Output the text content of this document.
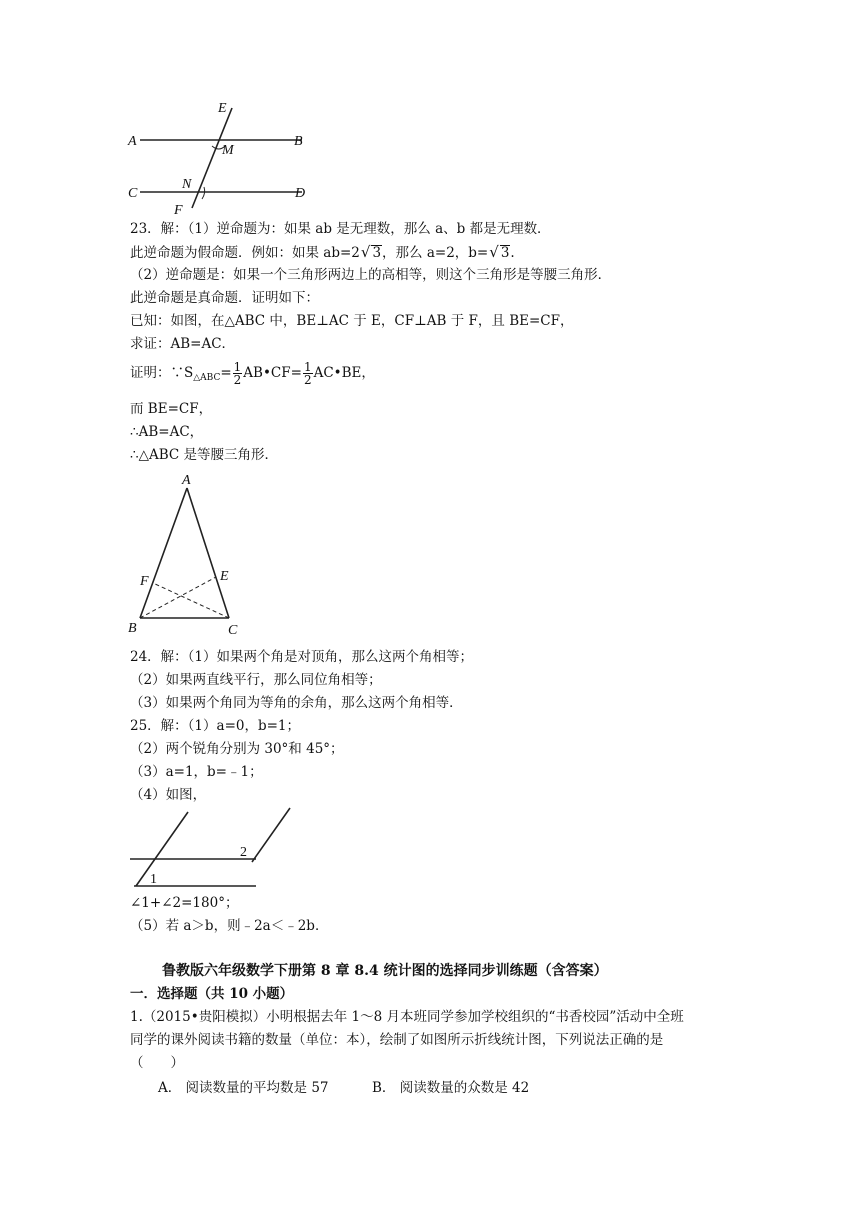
E
A
M
B
C
N
D
F
23．解：（1）逆命题为：如果 ab 是无理数，那么 a、b 都是无理数．
此逆命题为假命题．例如：如果 ab=2√ 3，那么 a=2，b=√ 3.
（2）逆命题是：如果一个三角形两边上的高相等，则这个三角形是等腰三角形．
此逆命题是真命题．证明如下：
已知：如图，在△ABC 中，BE⊥AC 于 E，CF⊥AB 于 F，且 BE=CF，
求证：AB=AC．
证明：$\because S_{\triangle ABC}= \frac{1}{2}$ AB•CF= $\frac{1}{2}$ AC•BE，
而 BE=CF，
∴AB=AC，
∴△ABC 是等腰三角形．
A
F	E
B	C
24．解：（1）如果两个角是对顶角，那么这两个角相等；
（2）如果两直线平行，那么同位角相等；
（3）如果两个角同为等角的余角，那么这两个角相等．
25．解：（1）a=0，b=1；
（2）两个锐角分别为 30°和 45°；
（3）a=1，b=﹣1；
（4）如图，
1
2
∠1+∠2=180°；
（5）若 a＞b，则﹣2a＜﹣2b．
鲁教版六年级数学下册第 8 章 8.4 统计图的选择同步训练题（含答案）
一．选择题（共 10 小题）
1.（2015•贵阳模拟）小明根据去年 1～8 月本班同学参加学校组织的“书香校园”活动中全班
同学的课外阅读书籍的数量（单位：本），绘制了如图所示折线统计图，下列说法正确的是
（　　）
A． 阅读数量的平均数是 57	B． 阅读数量的众数是 42
